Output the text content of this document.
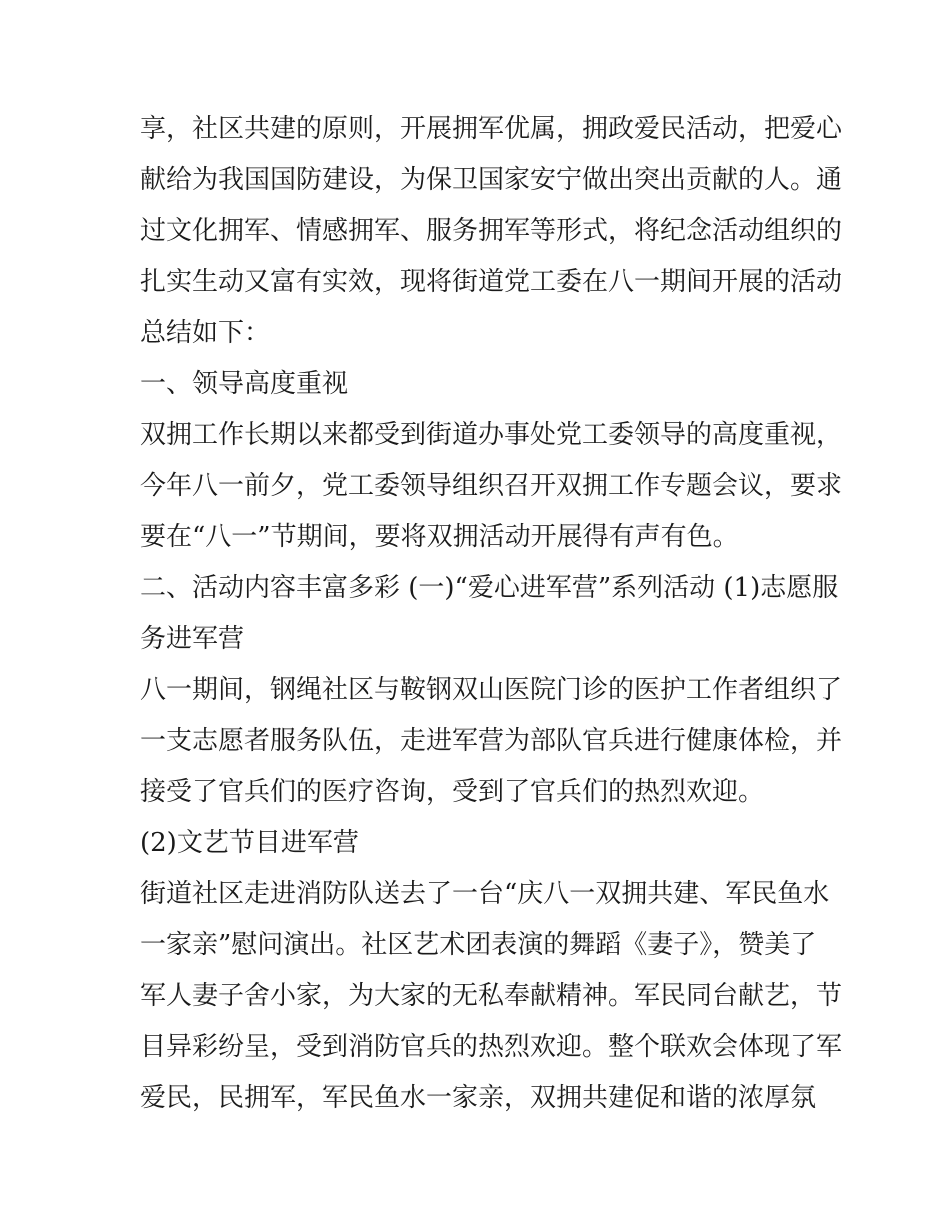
享，社区共建的原则，开展拥军优属，拥政爱民活动，把爱心
献给为我国国防建设，为保卫国家安宁做出突出贡献的人。通
过文化拥军、情感拥军、服务拥军等形式，将纪念活动组织的
扎实生动又富有实效，现将街道党工委在八一期间开展的活动
总结如下：
一、领导高度重视
双拥工作长期以来都受到街道办事处党工委领导的高度重视，
今年八一前夕，党工委领导组织召开双拥工作专题会议，要求
要在“八一”节期间，要将双拥活动开展得有声有色。
二、活动内容丰富多彩 (一)“爱心进军营”系列活动 (1)志愿服
务进军营
八一期间，钢绳社区与鞍钢双山医院门诊的医护工作者组织了
一支志愿者服务队伍，走进军营为部队官兵进行健康体检，并
接受了官兵们的医疗咨询，受到了官兵们的热烈欢迎。
(2)文艺节目进军营
街道社区走进消防队送去了一台“庆八一双拥共建、军民鱼水
一家亲”慰问演出。社区艺术团表演的舞蹈《妻子》，赞美了
军人妻子舍小家，为大家的无私奉献精神。军民同台献艺，节
目异彩纷呈，受到消防官兵的热烈欢迎。整个联欢会体现了军
爱民，民拥军，军民鱼水一家亲，双拥共建促和谐的浓厚氛
